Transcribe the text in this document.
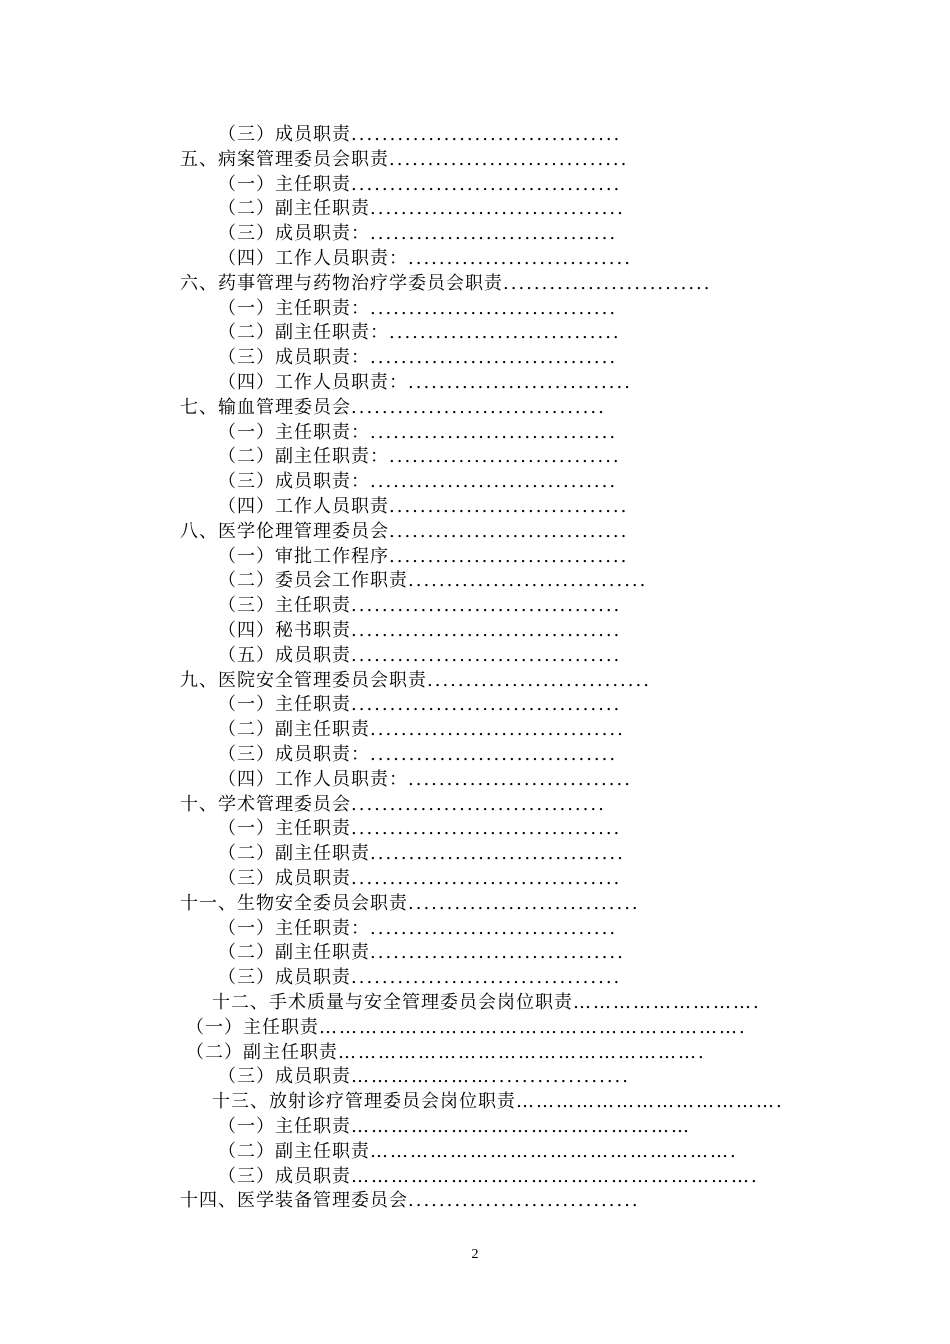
（三）成员职责...................................
五、病案管理委员会职责...............................
（一）主任职责...................................
（二）副主任职责.................................
（三）成员职责：................................
（四）工作人员职责：.............................
六、药事管理与药物治疗学委员会职责...........................
（一）主任职责：................................
（二）副主任职责：..............................
（三）成员职责：................................
（四）工作人员职责：.............................
七、输血管理委员会.................................
（一）主任职责：................................
（二）副主任职责：..............................
（三）成员职责：................................
（四）工作人员职责...............................
八、医学伦理管理委员会...............................
（一）审批工作程序...............................
（二）委员会工作职责...............................
（三）主任职责...................................
（四）秘书职责...................................
（五）成员职责...................................
九、医院安全管理委员会职责.............................
（一）主任职责...................................
（二）副主任职责.................................
（三）成员职责：................................
（四）工作人员职责：.............................
十、学术管理委员会.................................
（一）主任职责...................................
（二）副主任职责.................................
（三）成员职责...................................
十一、生物安全委员会职责..............................
（一）主任职责：................................
（二）副主任职责.................................
（三）成员职责...................................
十二、手术质量与安全管理委员会岗位职责……………………….
（一）主任职责……………………………………………………….
（二）副主任职责……………………………………………….
（三）成员职责…………………..................
十三、放射诊疗管理委员会岗位职责………………………………….
（一）主任职责……………………………………………
（二）副主任职责……………………………………………….
（三）成员职责…………………………………………………….
十四、医学装备管理委员会..............................
2
